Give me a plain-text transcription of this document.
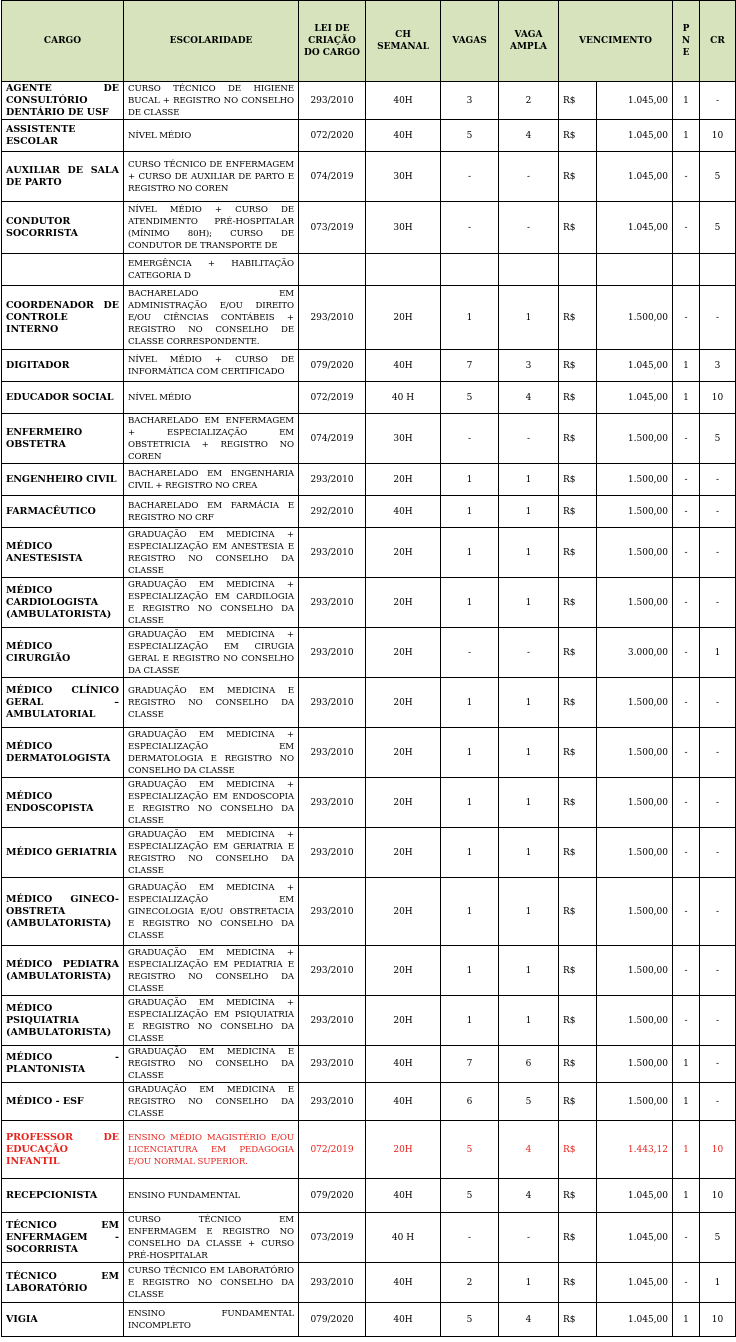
CARGO	ESCOLARIDADE	LEI DE CRIAÇÃO DO CARGO	CH SEMANAL	VAGAS	VAGA AMPLA	VENCIMENTO		P N E	CR
AGENTE DE CONSULTÓRIO DENTÁRIO DE USF	CURSO TÉCNICO DE HIGIENE BUCAL + REGISTRO NO CONSELHO DE CLASSE	293/2010	40H	3	2	R$	1.045,00	1	-
ASSISTENTE ESCOLAR	NÍVEL MÉDIO	072/2020	40H	5	4	R$	1.045,00	1	10
AUXILIAR DE SALA DE PARTO	CURSO TÉCNICO DE ENFERMAGEM + CURSO DE AUXILIAR DE PARTO E REGISTRO NO COREN	074/2019	30H	-	-	R$	1.045,00	-	5
CONDUTOR SOCORRISTA	NÍVEL MÉDIO + CURSO DE ATENDIMENTO PRÉ-HOSPITALAR (MÍNIMO 80H); CURSO DE CONDUTOR DE TRANSPORTE DE	073/2019	30H	-	-	R$	1.045,00	-	5
	EMERGÊNCIA + HABILITAÇÃO CATEGORIA D								
COORDENADOR DE CONTROLE INTERNO	BACHARELADO EM ADMINISTRAÇÃO E/OU DIREITO E/OU CIÊNCIAS CONTÁBEIS + REGISTRO NO CONSELHO DE CLASSE CORRESPONDENTE.	293/2010	20H	1	1	R$	1.500,00	-	-
DIGITADOR	NÍVEL MÉDIO + CURSO DE INFORMÁTICA COM CERTIFICADO	079/2020	40H	7	3	R$	1.045,00	1	3
EDUCADOR SOCIAL	NÍVEL MÉDIO	072/2019	40 H	5	4	R$	1.045,00	1	10
ENFERMEIRO OBSTETRA	BACHARELADO EM ENFERMAGEM + ESPECIALIZAÇÃO EM OBSTETRICIA + REGISTRO NO COREN	074/2019	30H	-	-	R$	1.500,00	-	5
ENGENHEIRO CIVIL	BACHARELADO EM ENGENHARIA CIVIL + REGISTRO NO CREA	293/2010	20H	1	1	R$	1.500,00	-	-
FARMACÊUTICO	BACHARELADO EM FARMÁCIA E REGISTRO NO CRF	292/2010	40H	1	1	R$	1.500,00	-	-
MÉDICO ANESTESISTA	GRADUAÇÃO EM MEDICINA + ESPECIALIZAÇÃO EM ANESTESIA E REGISTRO NO CONSELHO DA CLASSE	293/2010	20H	1	1	R$	1.500,00	-	-
MÉDICO CARDIOLOGISTA (AMBULATORISTA)	GRADUAÇÃO EM MEDICINA + ESPECIALIZAÇÃO EM CARDILOGIA E REGISTRO NO CONSELHO DA CLASSE	293/2010	20H	1	1	R$	1.500,00	-	-
MÉDICO CIRURGIÃO	GRADUAÇÃO EM MEDICINA + ESPECIALIZAÇÃO EM CIRUGIA GERAL E REGISTRO NO CONSELHO DA CLASSE	293/2010	20H	-	-	R$	3.000,00	-	1
MÉDICO CLÍNICO GERAL – AMBULATORIAL	GRADUAÇÃO EM MEDICINA E REGISTRO NO CONSELHO DA CLASSE	293/2010	20H	1	1	R$	1.500,00	-	-
MÉDICO DERMATOLOGISTA	GRADUAÇÃO EM MEDICINA + ESPECIALIZAÇÃO EM DERMATOLOGIA E REGISTRO NO CONSELHO DA CLASSE	293/2010	20H	1	1	R$	1.500,00	-	-
MÉDICO ENDOSCOPISTA	GRADUAÇÃO EM MEDICINA + ESPECIALIZAÇÃO EM ENDOSCOPIA E REGISTRO NO CONSELHO DA CLASSE	293/2010	20H	1	1	R$	1.500,00	-	-
MÉDICO GERIATRIA	GRADUAÇÃO EM MEDICINA + ESPECIALIZAÇÃO EM GERIATRIA E REGISTRO NO CONSELHO DA CLASSE	293/2010	20H	1	1	R$	1.500,00	-	-
MÉDICO GINECO-OBSTRETA (AMBULATORISTA)	GRADUAÇÃO EM MEDICINA + ESPECIALIZAÇÃO EM GINECOLOGIA E/OU OBSTRETACIA E REGISTRO NO CONSELHO DA CLASSE	293/2010	20H	1	1	R$	1.500,00	-	-
MÉDICO PEDIATRA (AMBULATORISTA)	GRADUAÇÃO EM MEDICINA + ESPECIALIZAÇÃO EM PEDIATRIA E REGISTRO NO CONSELHO DA CLASSE	293/2010	20H	1	1	R$	1.500,00	-	-
MÉDICO PSIQUIATRIA (AMBULATORISTA)	GRADUAÇÃO EM MEDICINA + ESPECIALIZAÇÃO EM PSIQUIATRIA E REGISTRO NO CONSELHO DA CLASSE	293/2010	20H	1	1	R$	1.500,00	-	-
MÉDICO - PLANTONISTA	GRADUAÇÃO EM MEDICINA E REGISTRO NO CONSELHO DA CLASSE	293/2010	40H	7	6	R$	1.500,00	1	-
MÉDICO - ESF	GRADUAÇÃO EM MEDICINA E REGISTRO NO CONSELHO DA CLASSE	293/2010	40H	6	5	R$	1.500,00	1	-
PROFESSOR DE EDUCAÇÃO INFANTIL	ENSINO MÉDIO MAGISTÉRIO E/OU LICENCIATURA EM PEDAGOGIA E/OU NORMAL SUPERIOR.	072/2019	20H	5	4	R$	1.443,12	1	10
RECEPCIONISTA	ENSINO FUNDAMENTAL	079/2020	40H	5	4	R$	1.045,00	1	10
TÉCNICO EM ENFERMAGEM - SOCORRISTA	CURSO TÉCNICO EM ENFERMAGEM E REGISTRO NO CONSELHO DA CLASSE + CURSO PRÉ-HOSPITALAR	073/2019	40 H	-	-	R$	1.045,00	-	5
TÉCNICO EM LABORATÓRIO	CURSO TÉCNICO EM LABORATÓRIO E REGISTRO NO CONSELHO DA CLASSE	293/2010	40H	2	1	R$	1.045,00	-	1
VIGIA	ENSINO FUNDAMENTAL INCOMPLETO	079/2020	40H	5	4	R$	1.045,00	1	10
